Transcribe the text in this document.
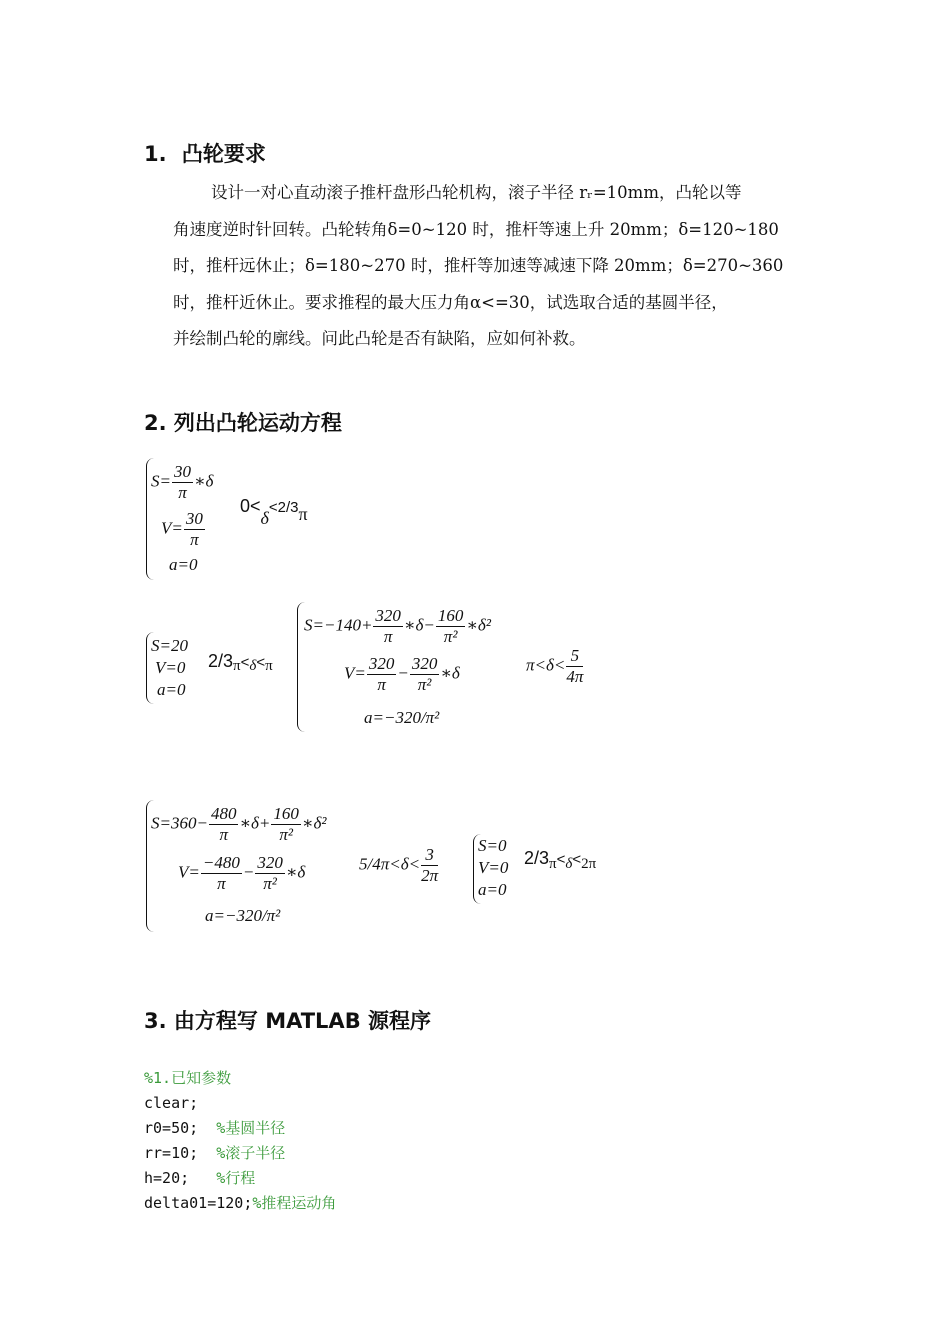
1. 凸轮要求

设计一对心直动滚子推杆盘形凸轮机构，滚子半径 rᵣ=10mm，凸轮以等

角速度逆时针回转。凸轮转角δ=0~120 时，推杆等速上升 20mm；δ=120~180

时，推杆远休止；δ=180~270 时，推杆等加速等减速下降 20mm；δ=270~360

时，推杆近休止。要求推程的最大压力角α<=30，试选取合适的基圆半径，

并绘制凸轮的廓线。问此凸轮是否有缺陷，应如何补救。

2. 列出凸轮运动方程
$S= \frac{30}{\pi}$ ∗δ
$V= \frac{30}{\pi}$
a=0
0<δ<2/3π
S=20
V=0
a=0
2/3π<δ<π
$S=-140+ \frac{320}{\pi}$ ∗δ− $\frac{160}{\text{π²}}$ ∗δ²
$V= \frac{320}{\pi} - \frac{320}{\text{π²}}$ ∗δ
a=−320/π²
$\pi<\delta< \frac{5}{4\pi}$
$S=360- \frac{480}{\pi}$ ∗δ+ $\frac{160}{\text{π²}}$ ∗δ²
$V= \frac{-480}{\pi} - \frac{320}{\text{π²}}$ ∗δ
a=−320/π²
$5/4\pi<\delta< \frac{3}{2\pi} S=0$
V=0
a=0
$2/3_\pi<_\delta<_{2\pi}$
3. 由方程写 MATLAB 源程序
%1.已知参数
clear;
r0=50;  %基圆半径
rr=10;  %滚子半径
h=20;   %行程
delta01=120;%推程运动角
